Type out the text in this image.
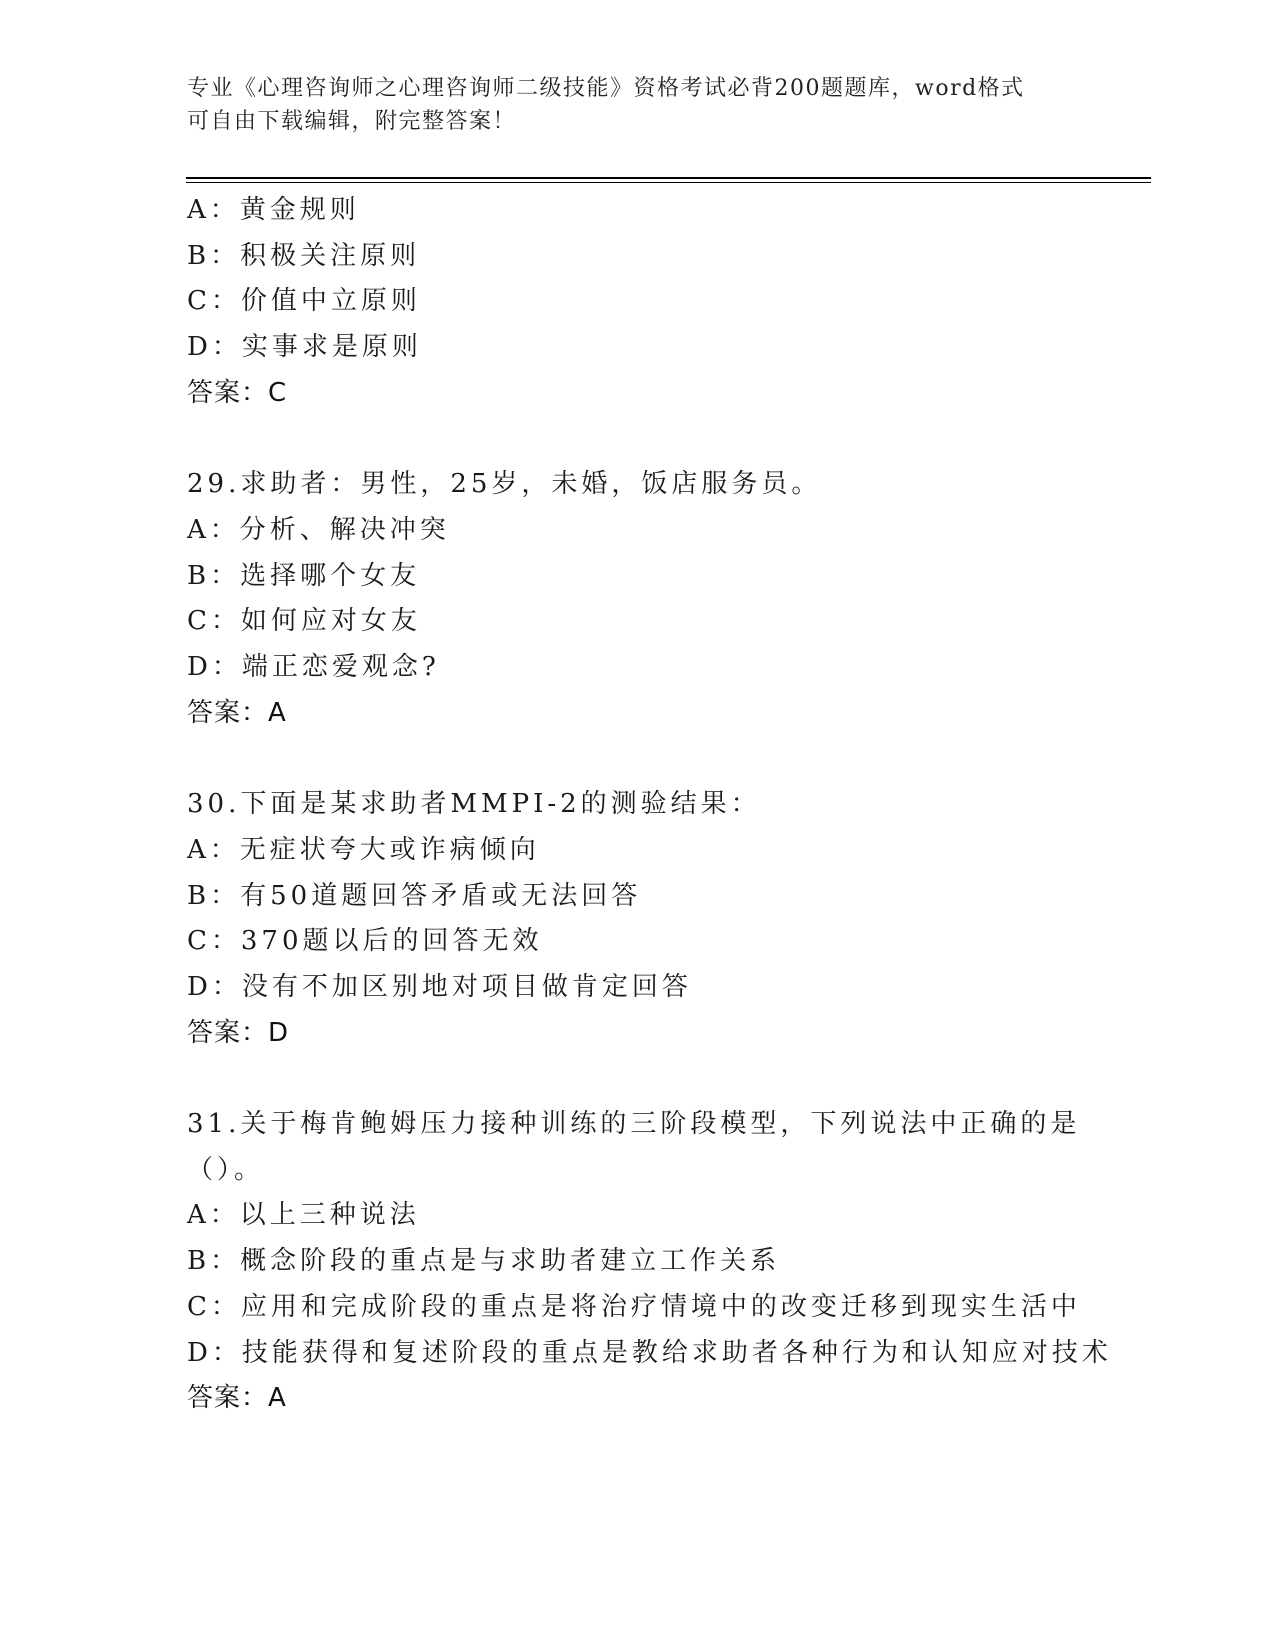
专业《心理咨询师之心理咨询师二级技能》资格考试必背200题题库，word格式
可自由下载编辑，附完整答案！
A：黄金规则
B：积极关注原则
C：价值中立原则
D：实事求是原则
答案：C
29.求助者：男性，25岁，未婚，饭店服务员。
A：分析、解决冲突
B：选择哪个女友
C：如何应对女友
D：端正恋爱观念?
答案：A
30.下面是某求助者MMPI-2的测验结果：
A：无症状夸大或诈病倾向
B：有50道题回答矛盾或无法回答
C：370题以后的回答无效
D：没有不加区别地对项目做肯定回答
答案：D
31.关于梅肯鲍姆压力接种训练的三阶段模型，下列说法中正确的是（）。
A：以上三种说法
B：概念阶段的重点是与求助者建立工作关系
C：应用和完成阶段的重点是将治疗情境中的改变迁移到现实生活中
D：技能获得和复述阶段的重点是教给求助者各种行为和认知应对技术
答案：A
